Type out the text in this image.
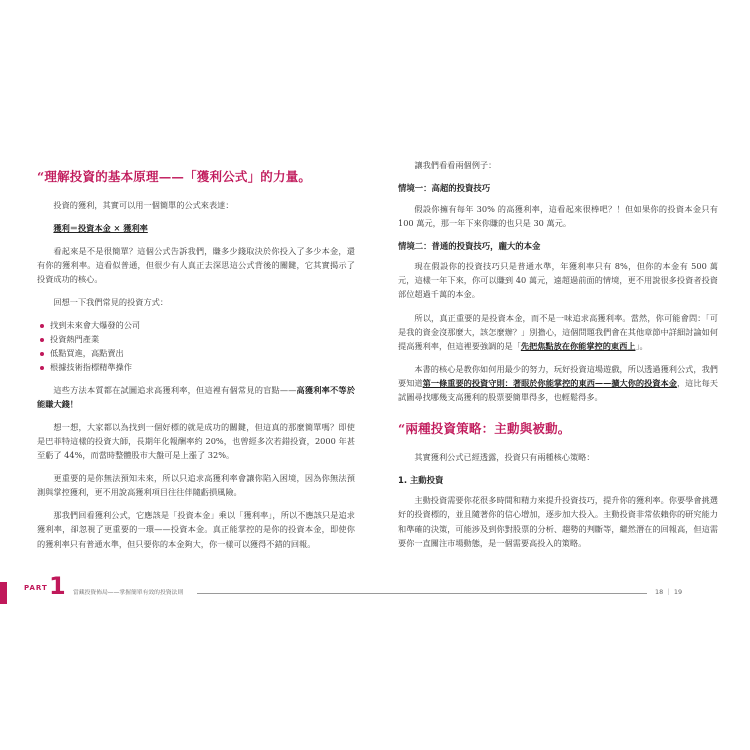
“理解投資的基本原理——「獲利公式」的力量。

投資的獲利，其實可以用一個簡單的公式來表達：

獲利＝投資本金 × 獲利率

看起來是不是很簡單？這個公式告訴我們，賺多少錢取決於你投入了多少本金，還有你的獲利率。這看似普通，但很少有人真正去深思這公式背後的關鍵，它其實揭示了投資成功的核心。

回想一下我們常見的投資方式：

找到未來會大爆發的公司
投資熱門產業
低點買進，高點賣出
根據技術指標精準操作

這些方法本質都在試圖追求高獲利率，但這裡有個常見的盲點——高獲利率不等於能賺大錢！

想一想，大家都以為找到一個好標的就是成功的關鍵，但這真的那麼簡單嗎？即使是巴菲特這樣的投資大師，長期年化報酬率約 20%，也曾經多次若錯投資，2000 年甚至虧了 44%，而當時整體股市大盤可是上漲了 32%。

更重要的是你無法預知未來，所以只追求高獲利率會讓你陷入困境，因為你無法預測與掌控獲利，更不用說高獲利項目往往伴隨虧損風險。

那我們回看獲利公式，它應該是「投資本金」乘以「獲利率」，所以不應該只是追求獲利率，卻忽視了更重要的一環——投資本金。真正能掌控的是你的投資本金，即使你的獲利率只有普通水準，但只要你的本金夠大，你一樣可以獲得不錯的回報。

讓我們看看兩個例子：

情境一：高超的投資技巧

假設你擁有每年 30% 的高獲利率，這看起來很棒吧？！但如果你的投資本金只有 100 萬元，那一年下來你賺的也只是 30 萬元。

情境二：普通的投資技巧，龐大的本金

現在假設你的投資技巧只是普通水準，年獲利率只有 8%，但你的本金有 500 萬元，這樣一年下來，你可以賺到 40 萬元，遠超過前面的情境，更不用說很多投資者投資部位超過千萬的本金。

所以，真正重要的是投資本金，而不是一味追求高獲利率。當然，你可能會問：「可是我的資金沒那麼大，該怎麼辦？」別擔心，這個問題我們會在其他章節中詳細討論如何提高獲利率，但這裡要強調的是「先把焦點放在你能掌控的東西上」。

本書的核心是教你如何用最少的努力，玩好投資這場遊戲，所以透過獲利公式，我們要知道第一條重要的投資守則：著眼於你能掌控的東西——擴大你的投資本金，這比每天試圖尋找哪幾支高獲利的股票要簡單得多，也輕鬆得多。

“兩種投資策略：主動與被動。

其實獲利公式已經透露，投資只有兩種核心策略：

1. 主動投資

主動投資需要你花很多時間和精力來提升投資技巧，提升你的獲利率。你要學會挑選好的投資標的，並且隨著你的信心增加，逐步加大投入。主動投資非常依賴你的研究能力和準確的決策，可能涉及到你對股票的分析、趨勢的判斷等，繼然潛在的回報高，但這需要你一直關注市場動態，是一個需要高投入的策略。

PART 1 當藏投資佈局——掌握簡單有效的投資法則	18 ｜ 19
